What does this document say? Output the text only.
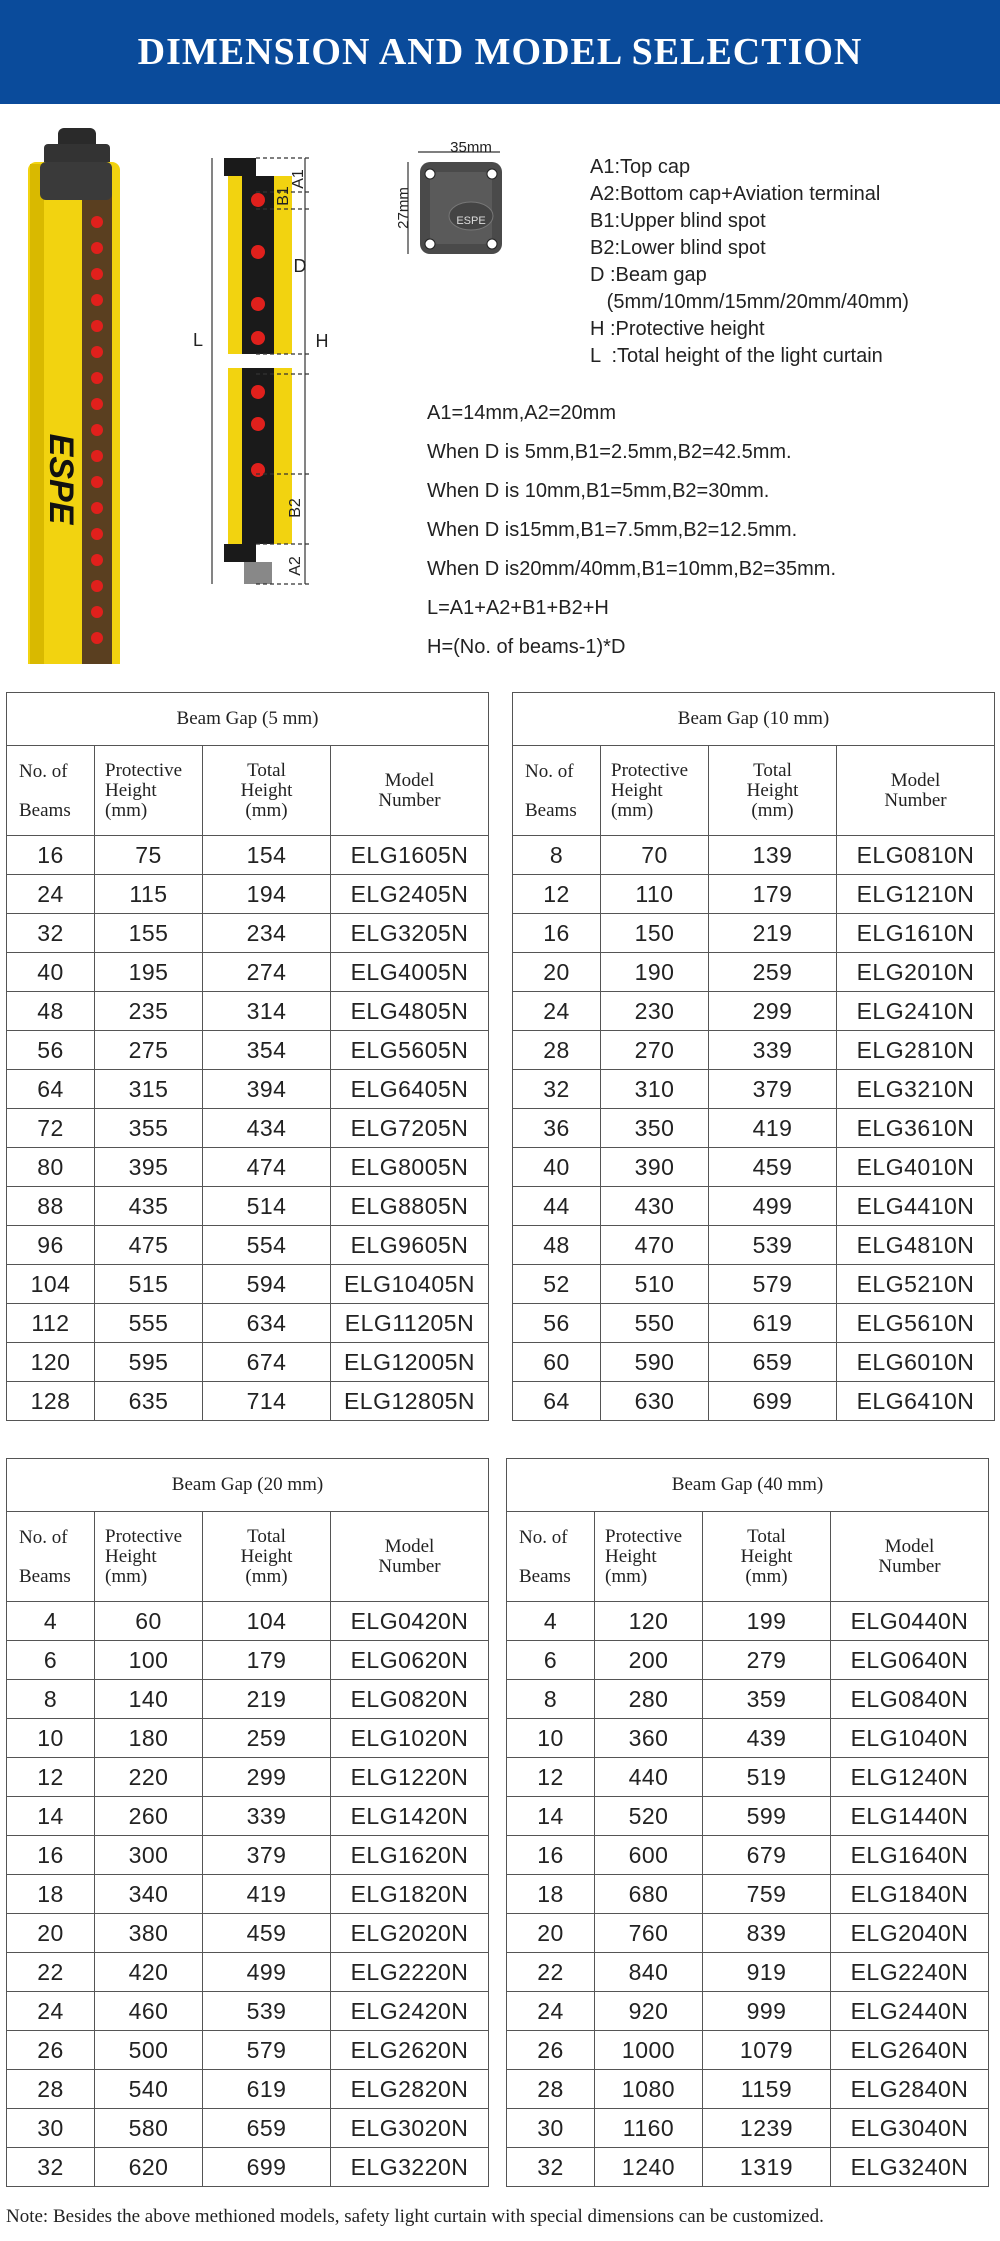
DIMENSION AND MODEL SELECTION
ESPE
A1
B1
D
H
L
B2
A2
35mm
27mm	ESPE
A1:Top cap
A2:Bottom cap+Aviation terminal
B1:Upper blind spot
B2:Lower blind spot
D :Beam gap
(5mm/10mm/15mm/20mm/40mm)
H :Protective height
L  :Total height of the light curtain
A1=14mm,A2=20mm
When D is 5mm,B1=2.5mm,B2=42.5mm.
When D is 10mm,B1=5mm,B2=30mm.
When D is15mm,B1=7.5mm,B2=12.5mm.
When D is20mm/40mm,B1=10mm,B2=35mm.
L=A1+A2+B1+B2+H
H=(No. of beams-1)*D
Beam Gap (5 mm)			
No. of
Beams	Protective
Height
(mm)	Total
Height
(mm)	Model
Number
16	75	154	ELG1605N
24	115	194	ELG2405N
32	155	234	ELG3205N
40	195	274	ELG4005N
48	235	314	ELG4805N
56	275	354	ELG5605N
64	315	394	ELG6405N
72	355	434	ELG7205N
80	395	474	ELG8005N
88	435	514	ELG8805N
96	475	554	ELG9605N
104	515	594	ELG10405N
112	555	634	ELG11205N
120	595	674	ELG12005N
128	635	714	ELG12805N
Beam Gap (10 mm)			
No. of
Beams	Protective
Height
(mm)	Total
Height
(mm)	Model
Number
8	70	139	ELG0810N
12	110	179	ELG1210N
16	150	219	ELG1610N
20	190	259	ELG2010N
24	230	299	ELG2410N
28	270	339	ELG2810N
32	310	379	ELG3210N
36	350	419	ELG3610N
40	390	459	ELG4010N
44	430	499	ELG4410N
48	470	539	ELG4810N
52	510	579	ELG5210N
56	550	619	ELG5610N
60	590	659	ELG6010N
64	630	699	ELG6410N
Beam Gap (20 mm)			
No. of
Beams	Protective
Height
(mm)	Total
Height
(mm)	Model
Number
4	60	104	ELG0420N
6	100	179	ELG0620N
8	140	219	ELG0820N
10	180	259	ELG1020N
12	220	299	ELG1220N
14	260	339	ELG1420N
16	300	379	ELG1620N
18	340	419	ELG1820N
20	380	459	ELG2020N
22	420	499	ELG2220N
24	460	539	ELG2420N
26	500	579	ELG2620N
28	540	619	ELG2820N
30	580	659	ELG3020N
32	620	699	ELG3220N
Beam Gap (40 mm)			
No. of
Beams	Protective
Height
(mm)	Total
Height
(mm)	Model
Number
4	120	199	ELG0440N
6	200	279	ELG0640N
8	280	359	ELG0840N
10	360	439	ELG1040N
12	440	519	ELG1240N
14	520	599	ELG1440N
16	600	679	ELG1640N
18	680	759	ELG1840N
20	760	839	ELG2040N
22	840	919	ELG2240N
24	920	999	ELG2440N
26	1000	1079	ELG2640N
28	1080	1159	ELG2840N
30	1160	1239	ELG3040N
32	1240	1319	ELG3240N
Note: Besides the above methioned models, safety light curtain with special dimensions can be customized.
